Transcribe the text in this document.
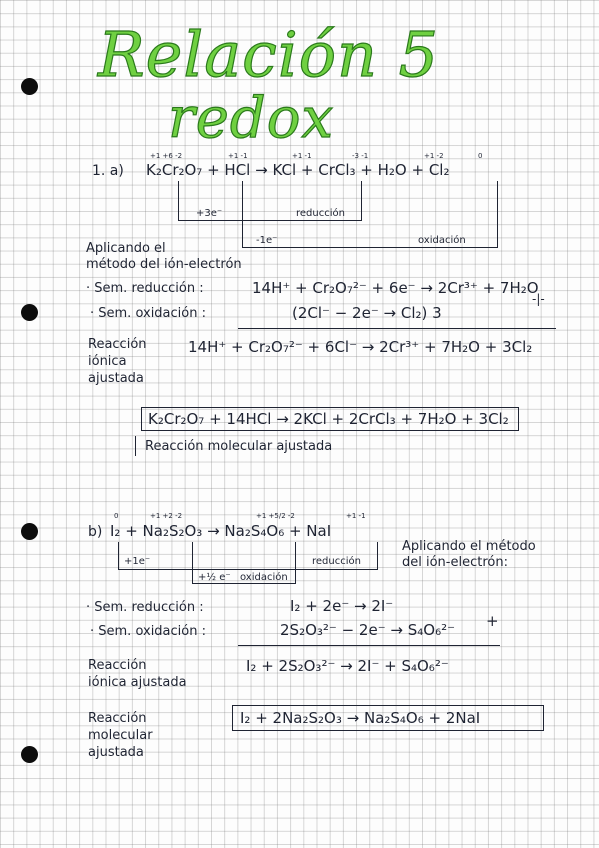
Relación 5
redox
+1 +6 -2	+1 -1	+1 -1	-3 -1	+1 -2	0
1. a) K₂Cr₂O₇ + HCl → KCl + CrCl₃ + H₂O + Cl₂
+3e⁻	reducción
-1e⁻	oxidación
Aplicando el
método del ión-electrón
· Sem. reducción :	14H⁺ + Cr₂O₇²⁻ + 6e⁻ → 2Cr³⁺ + 7H₂O
· Sem. oxidación :	(2Cl⁻ − 2e⁻ → Cl₂) 3
-|-
Reacción
iónica
ajustada
14H⁺ + Cr₂O₇²⁻ + 6Cl⁻ → 2Cr³⁺ + 7H₂O + 3Cl₂
K₂Cr₂O₇ + 14HCl → 2KCl + 2CrCl₃ + 7H₂O + 3Cl₂
Reacción molecular ajustada
0	+1 +2 -2	+1 +5/2 -2	+1 -1
b) I₂ + Na₂S₂O₃ → Na₂S₄O₆ + NaI
+1e⁻	reducción
+½ e⁻ oxidación
Aplicando el método
del ión-electrón:
· Sem. reducción :	I₂ + 2e⁻ → 2I⁻
· Sem. oxidación :	2S₂O₃²⁻ − 2e⁻ → S₄O₆²⁻ +
Reacción
iónica ajustada
I₂ + 2S₂O₃²⁻ → 2I⁻ + S₄O₆²⁻
Reacción
molecular
ajustada
I₂ + 2Na₂S₂O₃ → Na₂S₄O₆ + 2NaI
